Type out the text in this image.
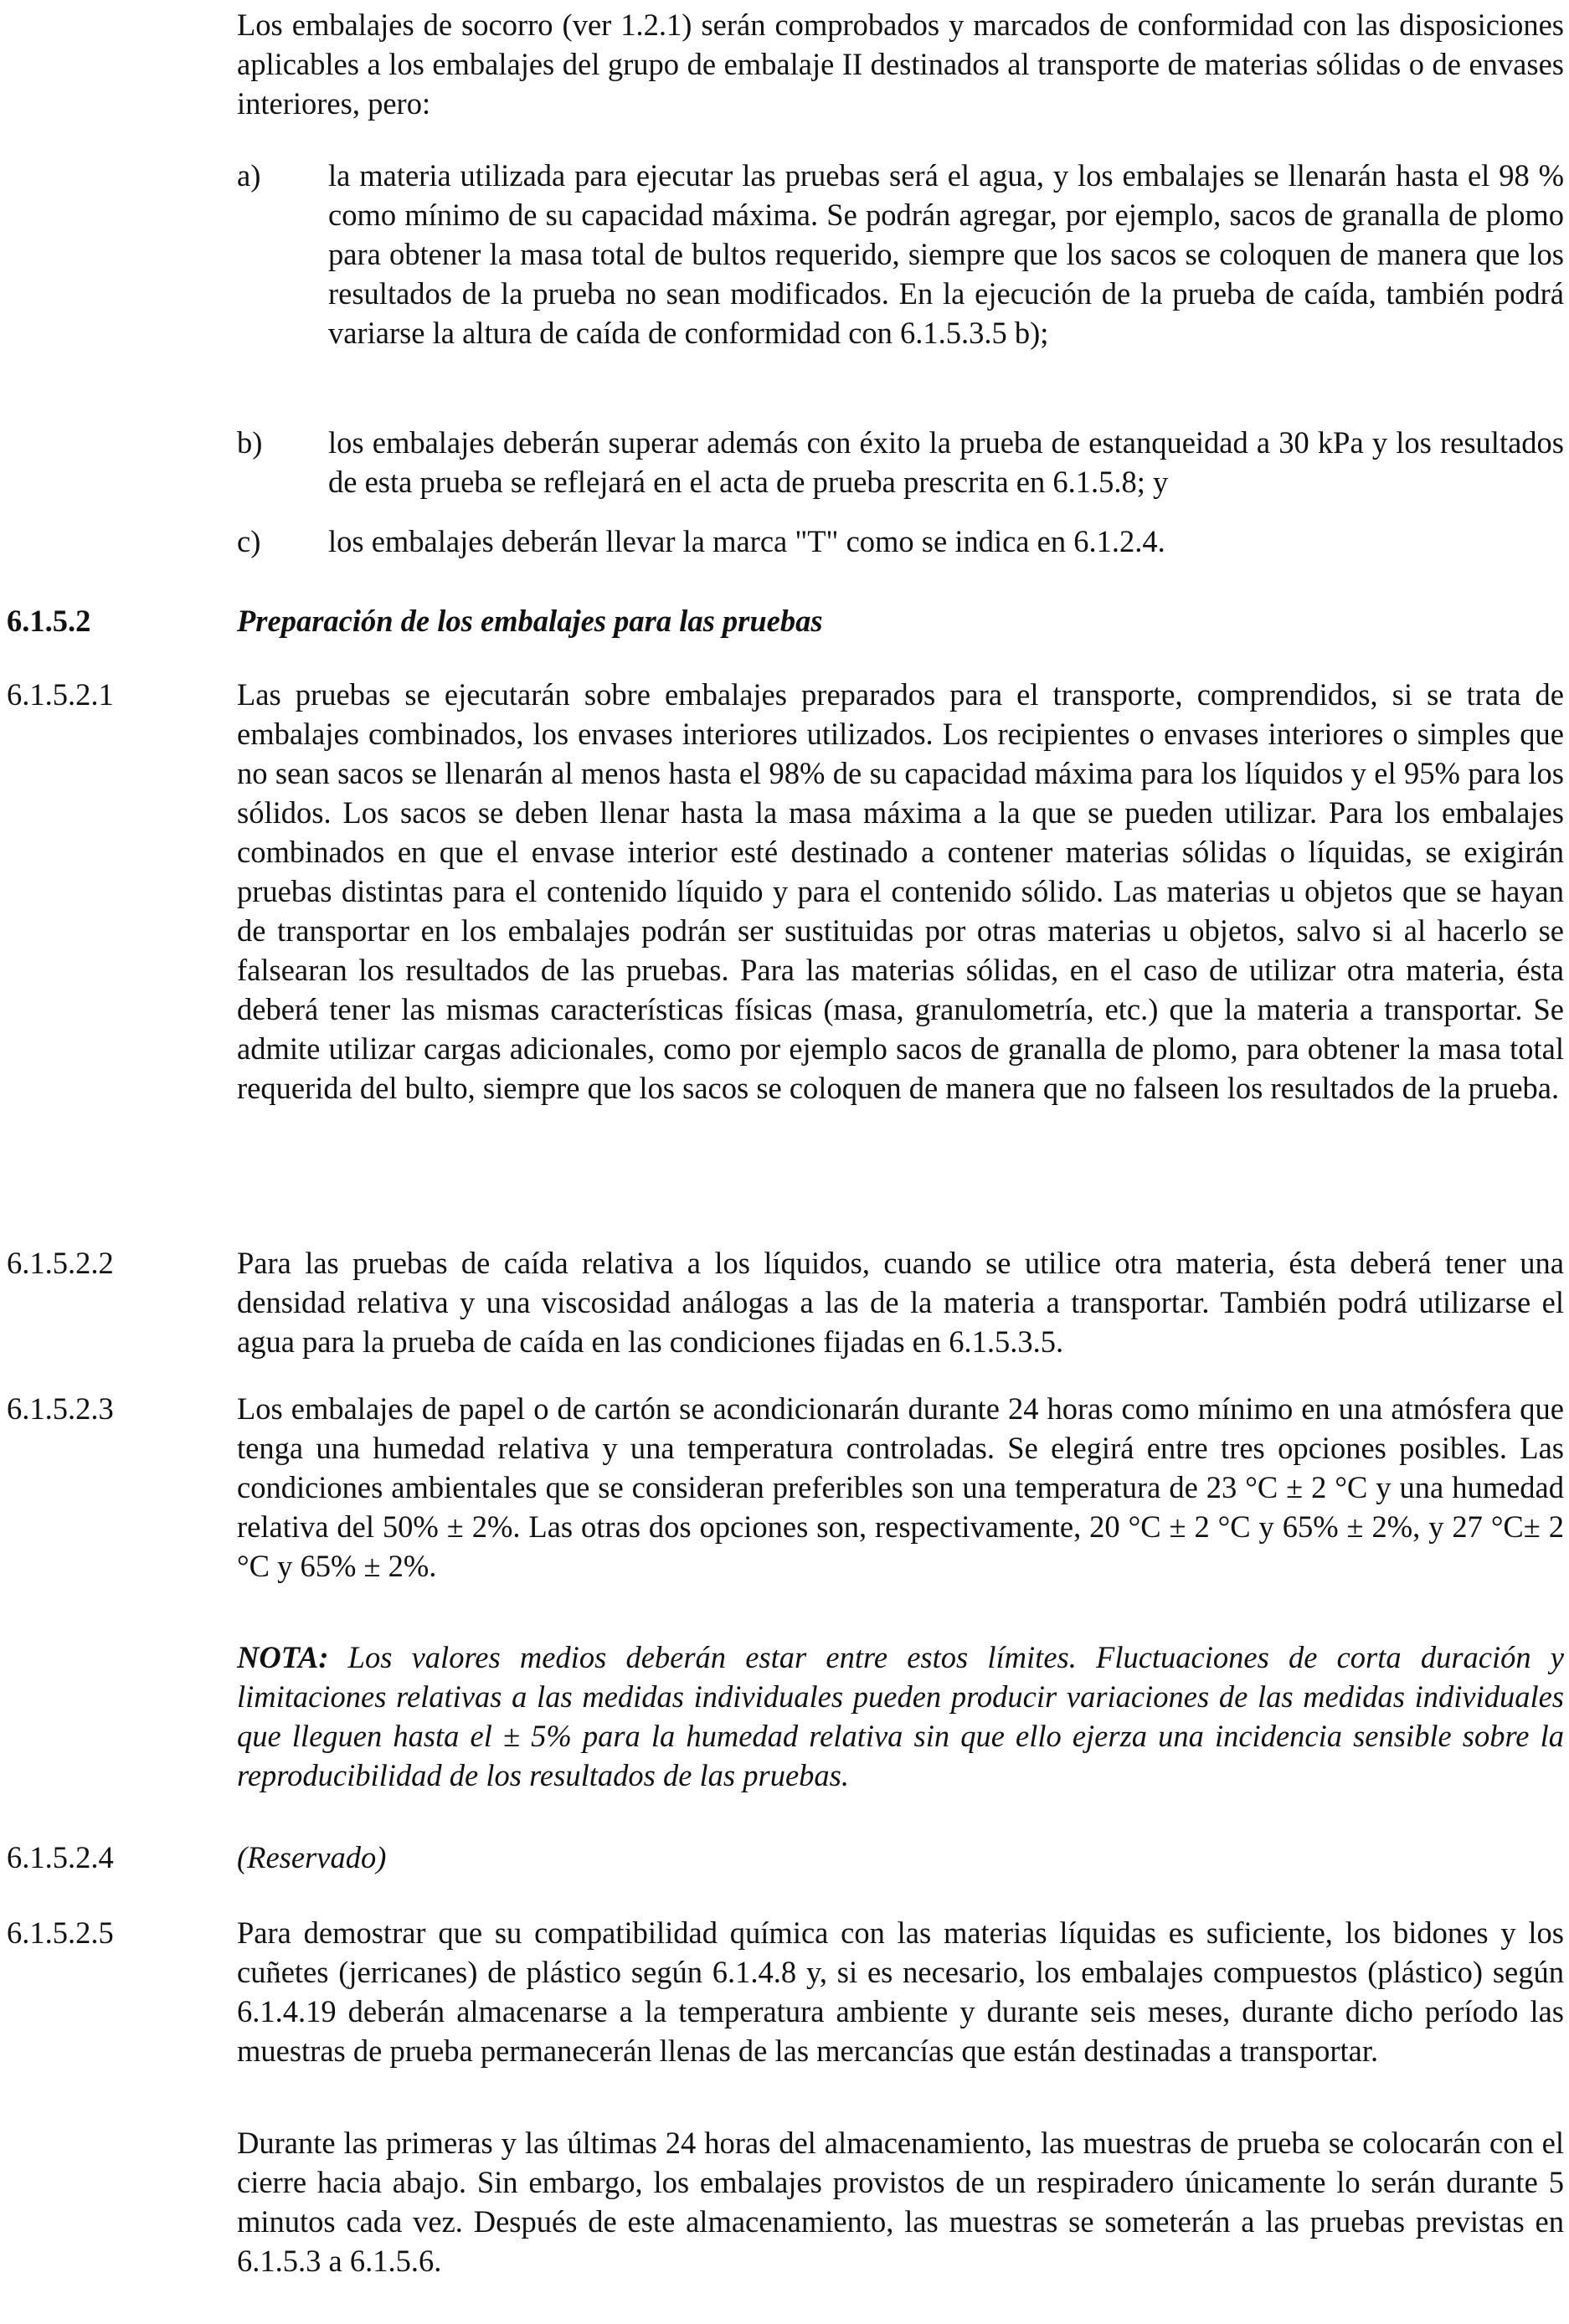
Los embalajes de socorro (ver 1.2.1) serán comprobados y marcados de conformidad con las disposiciones aplicables a los embalajes del grupo de embalaje II destinados al transporte de materias sólidas o de envases interiores, pero:

a)	la materia utilizada para ejecutar las pruebas será el agua, y los embalajes se llenarán hasta el 98 % como mínimo de su capacidad máxima. Se podrán agregar, por ejemplo, sacos de granalla de plomo para obtener la masa total de bultos requerido, siempre que los sacos se coloquen de manera que los resultados de la prueba no sean modificados. En la ejecución de la prueba de caída, también podrá variarse la altura de caída de conformidad con 6.1.5.3.5 b);

b)	los embalajes deberán superar además con éxito la prueba de estanqueidad a 30 kPa y los resultados de esta prueba se reflejará en el acta de prueba prescrita en 6.1.5.8; y

c)	los embalajes deberán llevar la marca "T" como se indica en 6.1.2.4.

6.1.5.2	Preparación de los embalajes para las pruebas

6.1.5.2.1	Las pruebas se ejecutarán sobre embalajes preparados para el transporte, comprendidos, si se trata de embalajes combinados, los envases interiores utilizados. Los recipientes o envases interiores o simples que no sean sacos se llenarán al menos hasta el 98% de su capacidad máxima para los líquidos y el 95% para los sólidos. Los sacos se deben llenar hasta la masa máxima a la que se pueden utilizar. Para los embalajes combinados en que el envase interior esté destinado a contener materias sólidas o líquidas, se exigirán pruebas distintas para el contenido líquido y para el contenido sólido. Las materias u objetos que se hayan de transportar en los embalajes podrán ser sustituidas por otras materias u objetos, salvo si al hacerlo se falsearan los resultados de las pruebas. Para las materias sólidas, en el caso de utilizar otra materia, ésta deberá tener las mismas características físicas (masa, granulometría, etc.) que la materia a transportar. Se admite utilizar cargas adicionales, como por ejemplo sacos de granalla de plomo, para obtener la masa total requerida del bulto, siempre que los sacos se coloquen de manera que no falseen los resultados de la prueba.

6.1.5.2.2	Para las pruebas de caída relativa a los líquidos, cuando se utilice otra materia, ésta deberá tener una densidad relativa y una viscosidad análogas a las de la materia a transportar. También podrá utilizarse el agua para la prueba de caída en las condiciones fijadas en 6.1.5.3.5.

6.1.5.2.3	Los embalajes de papel o de cartón se acondicionarán durante 24 horas como mínimo en una atmósfera que tenga una humedad relativa y una temperatura controladas. Se elegirá entre tres opciones posibles. Las condiciones ambientales que se consideran preferibles son una temperatura de 23 °C ± 2 °C y una humedad relativa del 50% ± 2%. Las otras dos opciones son, respectivamente, 20 °C ± 2 °C y 65% ± 2%, y 27 °C± 2 °C y 65% ± 2%.

NOTA: Los valores medios deberán estar entre estos límites. Fluctuaciones de corta duración y limitaciones relativas a las medidas individuales pueden producir variaciones de las medidas individuales que lleguen hasta el ± 5% para la humedad relativa sin que ello ejerza una incidencia sensible sobre la reproducibilidad de los resultados de las pruebas.

6.1.5.2.4	(Reservado)

6.1.5.2.5	Para demostrar que su compatibilidad química con las materias líquidas es suficiente, los bidones y los cuñetes (jerricanes) de plástico según 6.1.4.8 y, si es necesario, los embalajes compuestos (plástico) según 6.1.4.19 deberán almacenarse a la temperatura ambiente y durante seis meses, durante dicho período las muestras de prueba permanecerán llenas de las mercancías que están destinadas a transportar.

Durante las primeras y las últimas 24 horas del almacenamiento, las muestras de prueba se colocarán con el cierre hacia abajo. Sin embargo, los embalajes provistos de un respiradero únicamente lo serán durante 5 minutos cada vez. Después de este almacenamiento, las muestras se someterán a las pruebas previstas en 6.1.5.3 a 6.1.5.6.
